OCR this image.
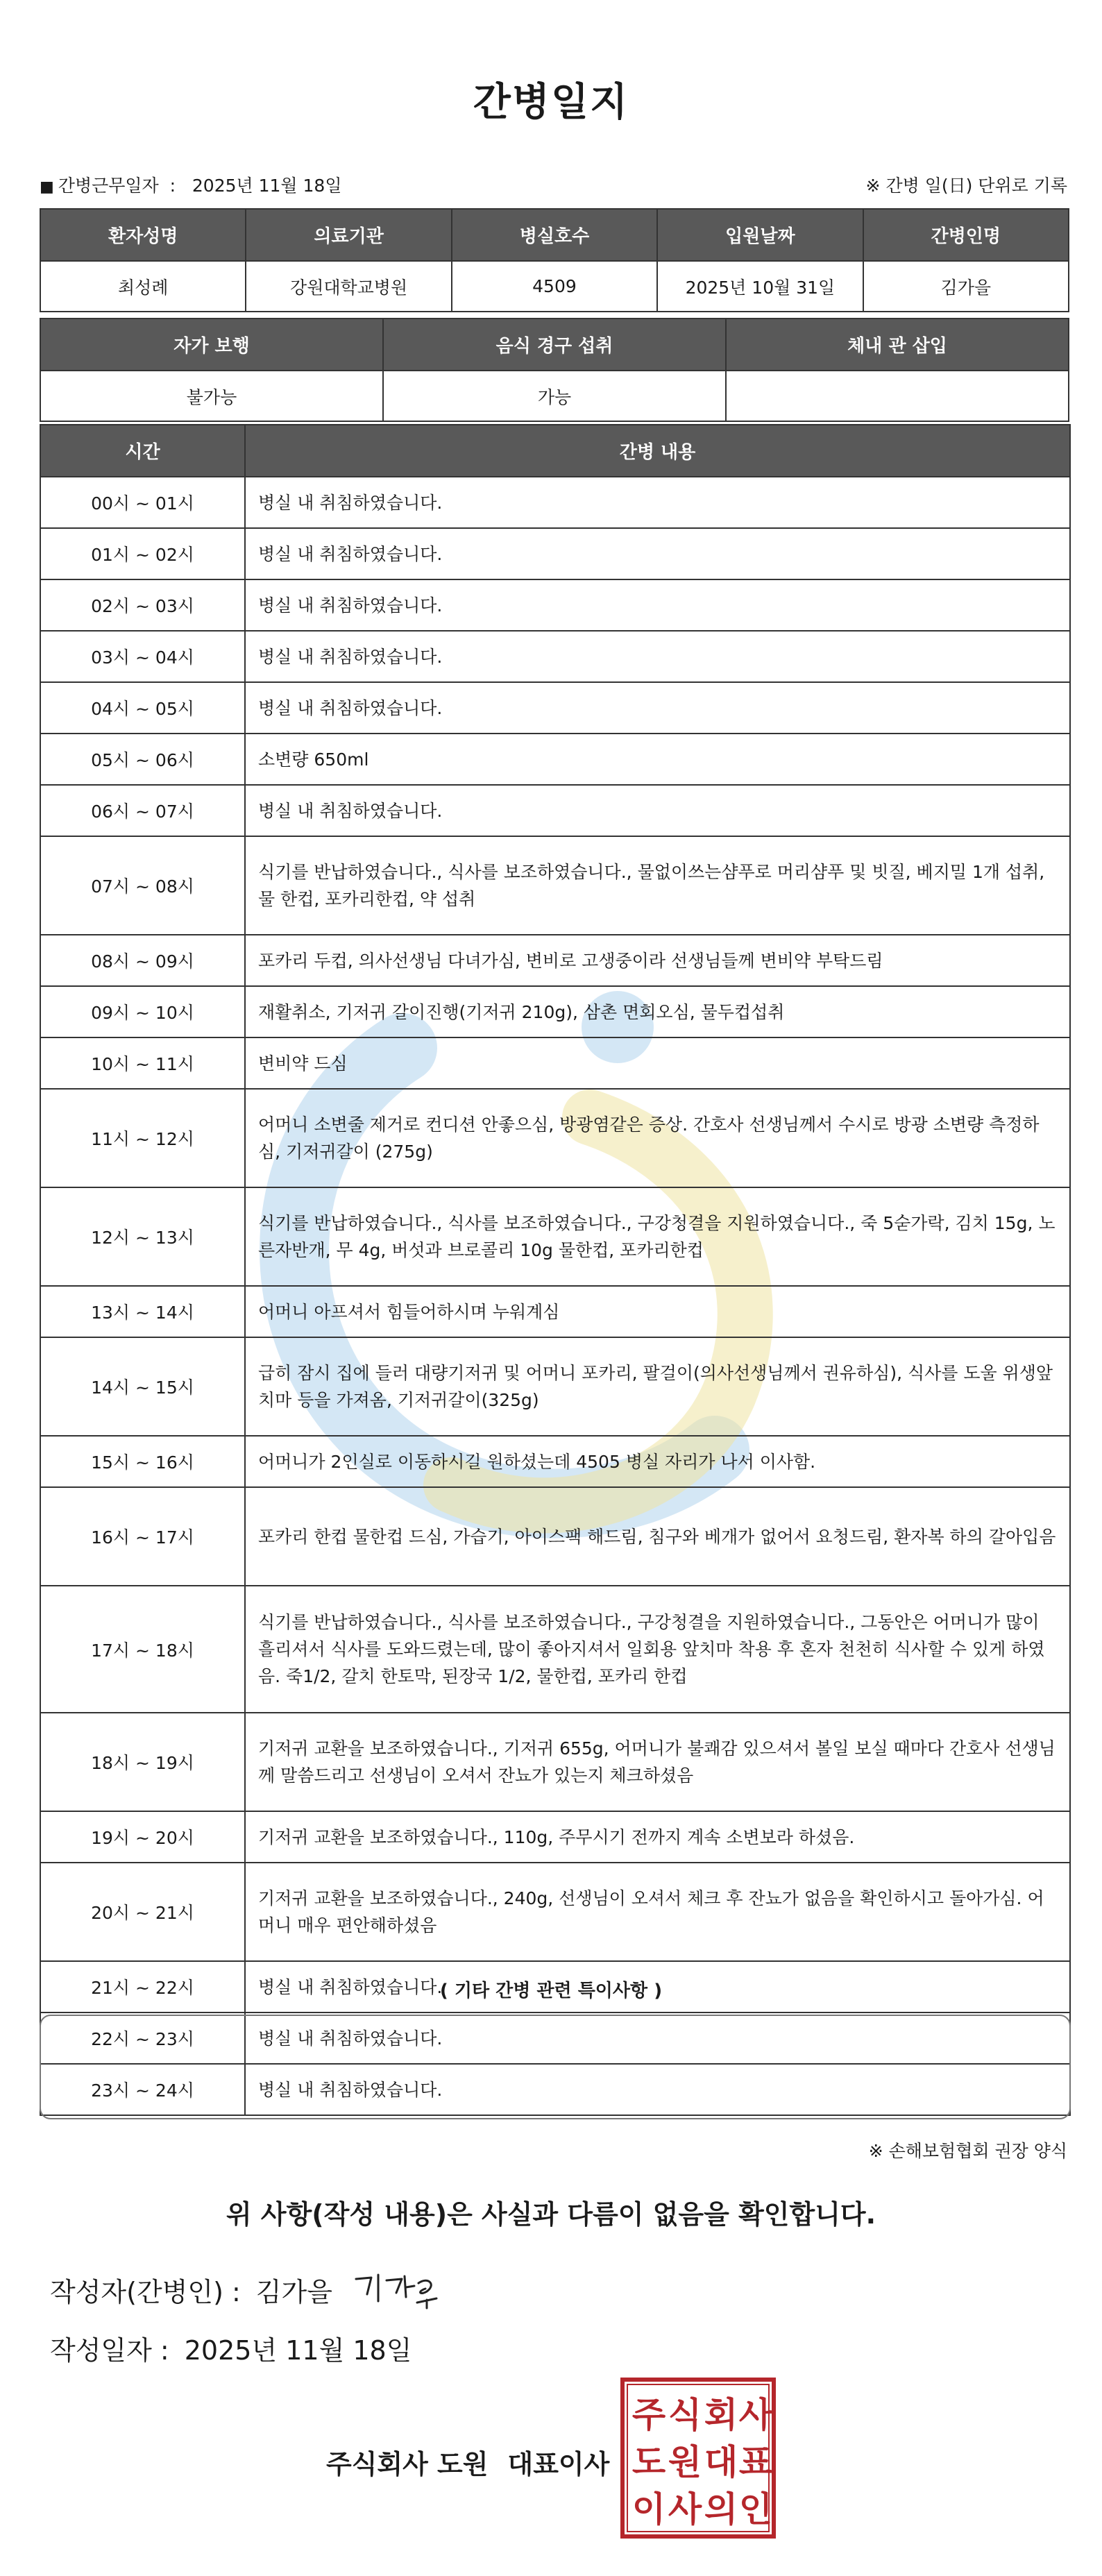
간병일지
■ 간병근무일자 : 2025년 11월 18일	※ 간병 일(日) 단위로 기록
환자성명	의료기관	병실호수	입원날짜	간병인명
최성례	강원대학교병원	4509	2025년 10월 31일	김가을
자가 보행	음식 경구 섭취	체내 관 삽입
불가능	가능	
시간	간병 내용
00시 ~ 01시	병실 내 취침하였습니다.
01시 ~ 02시	병실 내 취침하였습니다.
02시 ~ 03시	병실 내 취침하였습니다.
03시 ~ 04시	병실 내 취침하였습니다.
04시 ~ 05시	병실 내 취침하였습니다.
05시 ~ 06시	소변량 650ml
06시 ~ 07시	병실 내 취침하였습니다.
07시 ~ 08시	식기를 반납하였습니다., 식사를 보조하였습니다., 물없이쓰는샴푸로 머리샴푸 및 빗질, 베지밀 1개 섭취, 물 한컵, 포카리한컵, 약 섭취
08시 ~ 09시	포카리 두컵, 의사선생님 다녀가심, 변비로 고생중이라 선생님들께 변비약 부탁드림
09시 ~ 10시	재활취소, 기저귀 갈이진행(기저귀 210g), 삼촌 면회오심, 물두컵섭취
10시 ~ 11시	변비약 드심
11시 ~ 12시	어머니 소변줄 제거로 컨디션 안좋으심, 방광염같은 증상. 간호사 선생님께서 수시로 방광 소변량 측정하심, 기저귀갈이 (275g)
12시 ~ 13시	식기를 반납하였습니다., 식사를 보조하였습니다., 구강청결을 지원하였습니다., 죽 5숟가락, 김치 15g, 노른자반개, 무 4g, 버섯과 브로콜리 10g 물한컵, 포카리한컵
13시 ~ 14시	어머니 아프셔서 힘들어하시며 누워계심
14시 ~ 15시	급히 잠시 집에 들러 대량기저귀 및 어머니 포카리, 팔걸이(의사선생님께서 권유하심), 식사를 도울 위생앞치마 등을 가져옴, 기저귀갈이(325g)
15시 ~ 16시	어머니가 2인실로 이동하시길 원하셨는데 4505 병실 자리가 나서 이사함.
16시 ~ 17시	포카리 한컵 물한컵 드심, 가습기, 아이스팩 해드림, 침구와 베개가 없어서 요청드림, 환자복 하의 갈아입음
17시 ~ 18시	식기를 반납하였습니다., 식사를 보조하였습니다., 구강청결을 지원하였습니다., 그동안은 어머니가 많이 흘리셔서 식사를 도와드렸는데, 많이 좋아지셔서 일회용 앞치마 착용 후 혼자 천천히 식사할 수 있게 하였음. 죽1/2, 갈치 한토막, 된장국 1/2, 물한컵, 포카리 한컵
18시 ~ 19시	기저귀 교환을 보조하였습니다., 기저귀 655g, 어머니가 불쾌감 있으셔서 볼일 보실 때마다 간호사 선생님께 말씀드리고 선생님이 오셔서 잔뇨가 있는지 체크하셨음
19시 ~ 20시	기저귀 교환을 보조하였습니다., 110g, 주무시기 전까지 계속 소변보라 하셨음.
20시 ~ 21시	기저귀 교환을 보조하였습니다., 240g, 선생님이 오셔서 체크 후 잔뇨가 없음을 확인하시고 돌아가심. 어머니 매우 편안해하셨음
21시 ~ 22시	병실 내 취침하였습니다.
22시 ~ 23시	병실 내 취침하였습니다.
23시 ~ 24시	병실 내 취침하였습니다.
( 기타 간병 관련 특이사항 )
※ 손해보험협회 권장 양식
위 사항(작성 내용)은 사실과 다름이 없음을 확인합니다.
작성자(간병인) : 김가을
작성일자 : 2025년 11월 18일
주식회사 도원 대표이사
주 식 회 사
도 원 대 표
이 사 의 인
